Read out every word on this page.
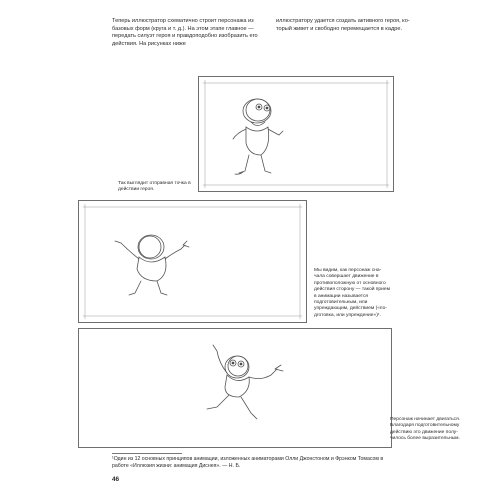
Теперь иллюстратор схематично строит персонажа из базовых форм (круга и т. д.). На этом этапе главное — передать силуэт героя и правдоподобно изобразить его действия. На рисунках ниже
иллюстратору удается создать активного героя, который живет и свободно перемещается в кадре.
Так выглядит отправная точка в действии героя.
Мы видим, как персонаж сначала совершает движение в противоположную от основного действия сторону — такой прием в анимации называется подготовительным, или упреждающим, действием («подготовка, или упреждение»)¹.
Персонаж начинает двигаться. Благодаря подготовительному действию это движение получилось более выразительным.
¹Один из 12 основных принципов анимации, изложенных аниматорами Олли Джонстоном и Фрэнком Томасом в работе «Иллюзия жизни: анимация Диснея». — Н. Б.
46
